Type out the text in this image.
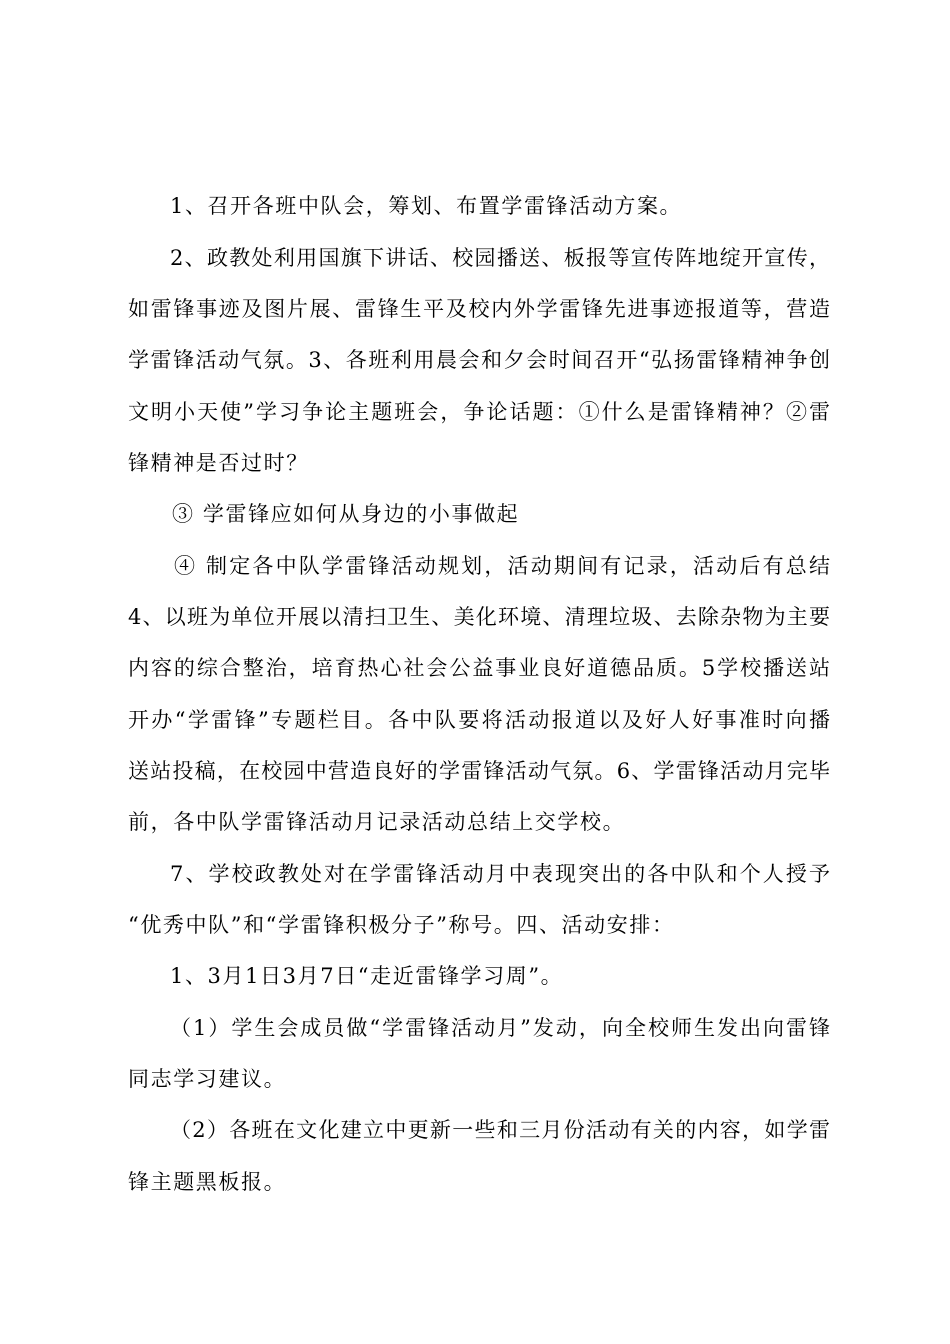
1、召开各班中队会，筹划、布置学雷锋活动方案。
2、政教处利用国旗下讲话、校园播送、板报等宣传阵地绽开宣传，
如雷锋事迹及图片展、雷锋生平及校内外学雷锋先进事迹报道等，营造
学雷锋活动气氛。3、各班利用晨会和夕会时间召开“弘扬雷锋精神争创
文明小天使”学习争论主题班会，争论话题：①什么是雷锋精神？②雷
锋精神是否过时？
③ 学雷锋应如何从身边的小事做起
④ 制定各中队学雷锋活动规划，活动期间有记录，活动后有总结
4、以班为单位开展以清扫卫生、美化环境、清理垃圾、去除杂物为主要
内容的综合整治，培育热心社会公益事业良好道德品质。5学校播送站
开办“学雷锋”专题栏目。各中队要将活动报道以及好人好事准时向播
送站投稿，在校园中营造良好的学雷锋活动气氛。6、学雷锋活动月完毕
前，各中队学雷锋活动月记录活动总结上交学校。
7、学校政教处对在学雷锋活动月中表现突出的各中队和个人授予
“优秀中队”和“学雷锋积极分子”称号。四、活动安排：
1、3月1日3月7日“走近雷锋学习周”。
（1）学生会成员做“学雷锋活动月”发动，向全校师生发出向雷锋
同志学习建议。
（2）各班在文化建立中更新一些和三月份活动有关的内容，如学雷
锋主题黑板报。
